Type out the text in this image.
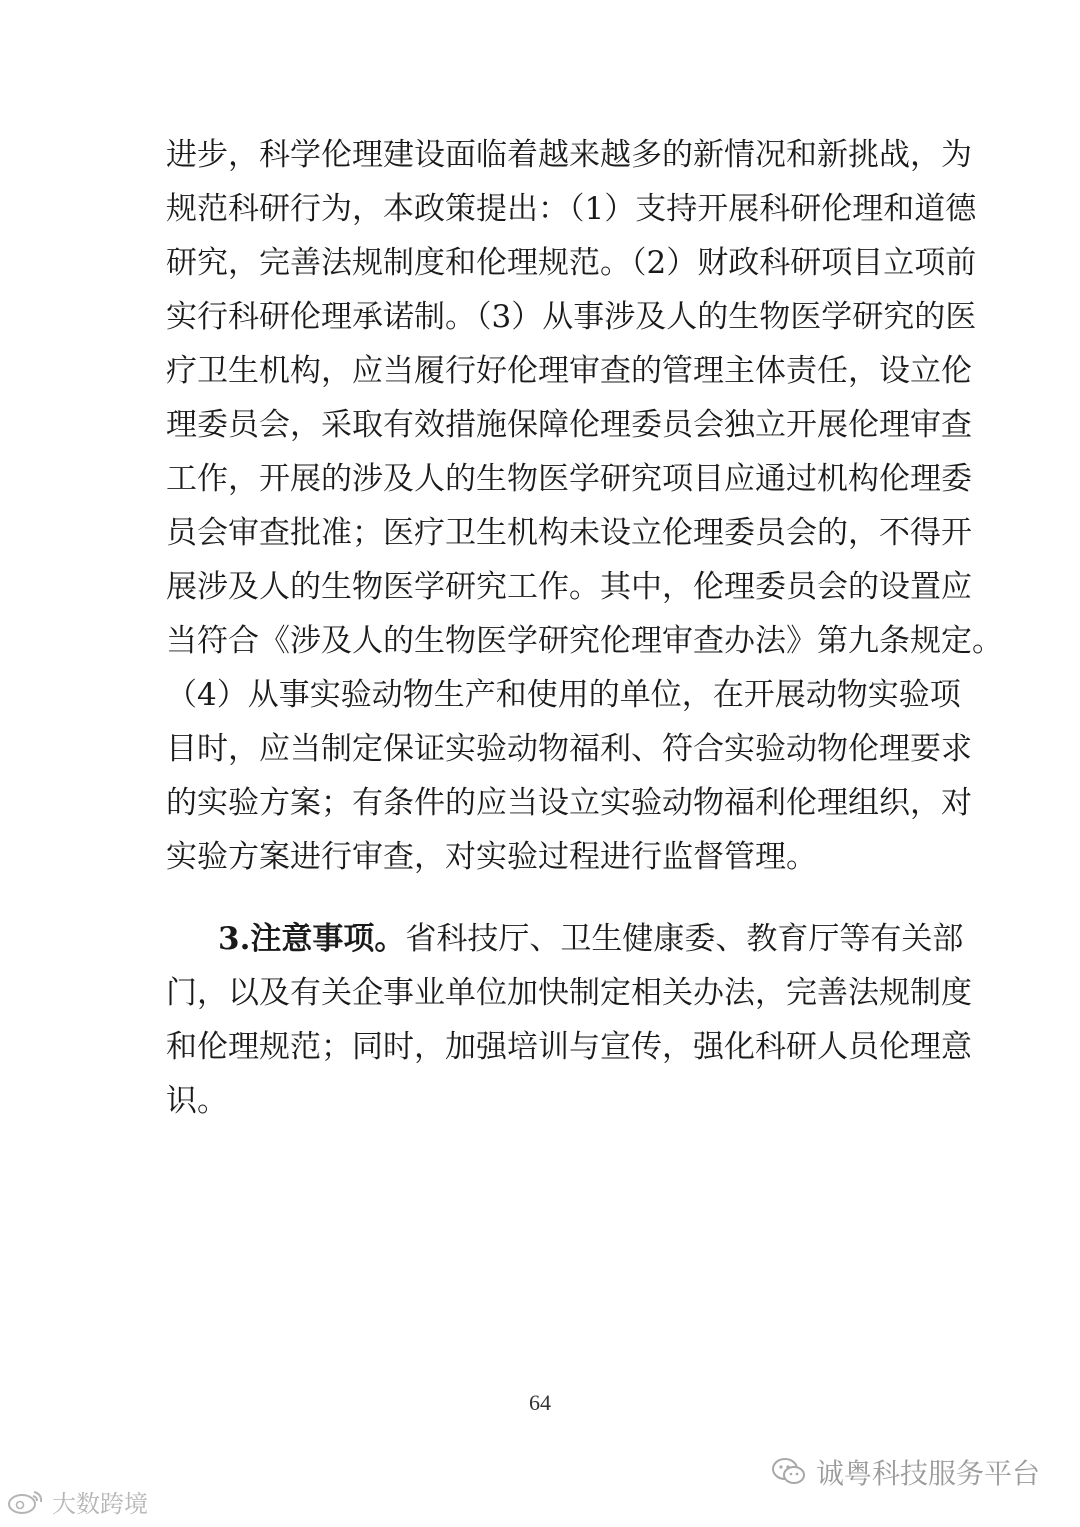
进步，科学伦理建设面临着越来越多的新情况和新挑战，为
规范科研行为，本政策提出：（1）支持开展科研伦理和道德
研究，完善法规制度和伦理规范。（2）财政科研项目立项前
实行科研伦理承诺制。（3）从事涉及人的生物医学研究的医
疗卫生机构，应当履行好伦理审查的管理主体责任，设立伦
理委员会，采取有效措施保障伦理委员会独立开展伦理审查
工作，开展的涉及人的生物医学研究项目应通过机构伦理委
员会审查批准；医疗卫生机构未设立伦理委员会的，不得开
展涉及人的生物医学研究工作。其中，伦理委员会的设置应
当符合《涉及人的生物医学研究伦理审查办法》第九条规定。
（4）从事实验动物生产和使用的单位，在开展动物实验项
目时，应当制定保证实验动物福利、符合实验动物伦理要求
的实验方案；有条件的应当设立实验动物福利伦理组织，对
实验方案进行审查，对实验过程进行监督管理。
3.注意事项。省科技厅、卫生健康委、教育厅等有关部
门，以及有关企事业单位加快制定相关办法，完善法规制度
和伦理规范；同时，加强培训与宣传，强化科研人员伦理意
识。
64
诚粤科技服务平台
大数跨境
